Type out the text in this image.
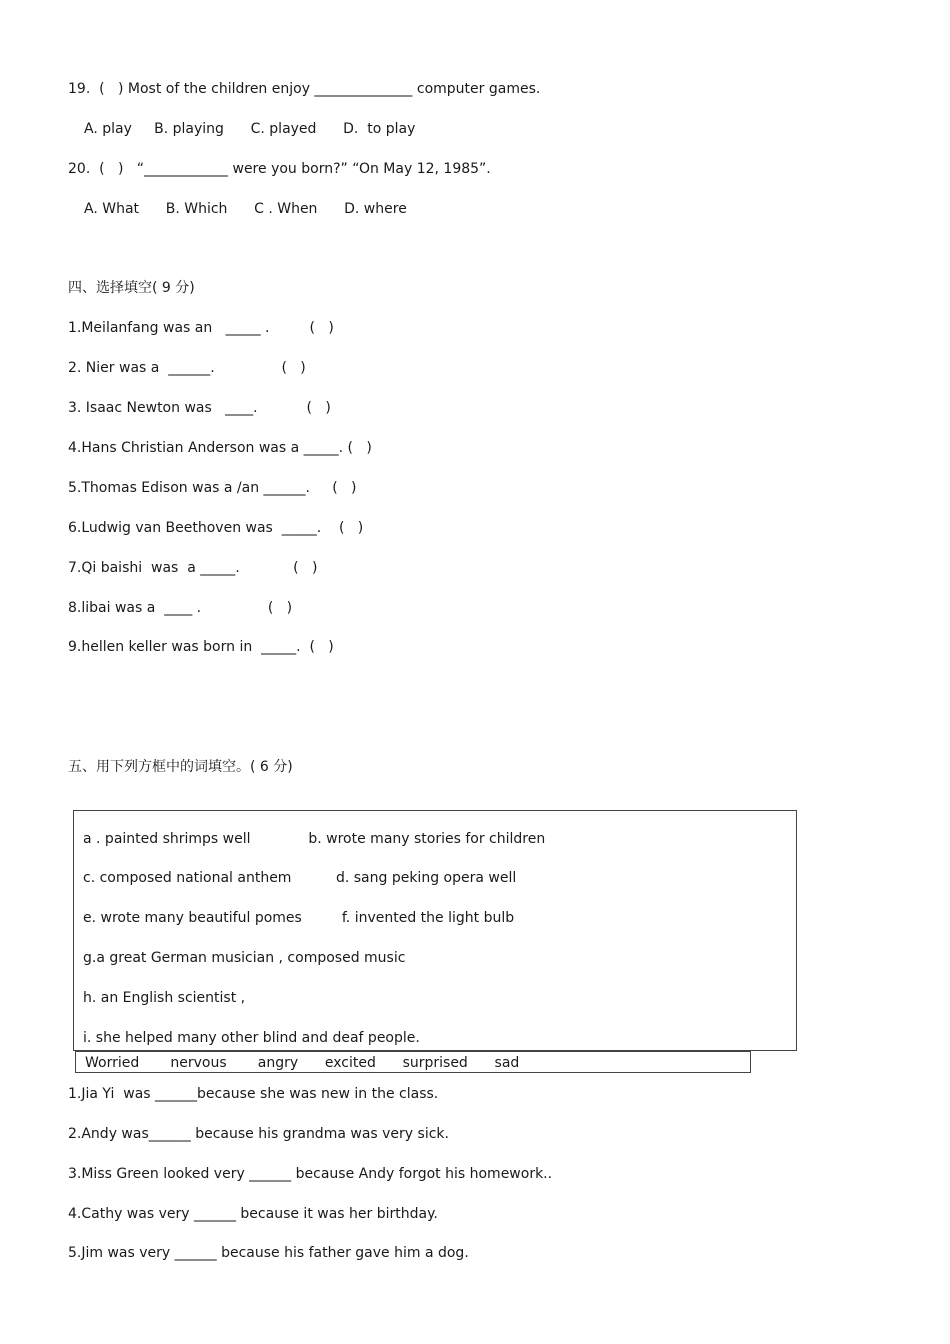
19.  (   ) Most of the children enjoy ______________ computer games.
A. play     B. playing      C. played      D.  to play
20.  (   )   “____________ were you born?” “On May 12, 1985”.
A. What      B. Which      C . When      D. where
四、选择填空( 9 分)
1.Meilanfang was an   _____ .         (   )
2. Nier was a  ______.               (   )
3. Isaac Newton was   ____.           (   )
4.Hans Christian Anderson was a _____. (   )
5.Thomas Edison was a /an ______.     (   )
6.Ludwig van Beethoven was  _____.    (   )
7.Qi baishi  was  a _____.            (   )
8.libai was a  ____ .               (   )
9.hellen keller was born in  _____.  (   )
五、用下列方框中的词填空。( 6 分)
a . painted shrimps well             b. wrote many stories for children
c. composed national anthem          d. sang peking opera well
e. wrote many beautiful pomes         f. invented the light bulb
g.a great German musician , composed music
h. an English scientist ,
i. she helped many other blind and deaf people.
Worried       nervous       angry      excited      surprised      sad
1.Jia Yi  was ______because she was new in the class.
2.Andy was______ because his grandma was very sick.
3.Miss Green looked very ______ because Andy forgot his homework..
4.Cathy was very ______ because it was her birthday.
5.Jim was very ______ because his father gave him a dog.
